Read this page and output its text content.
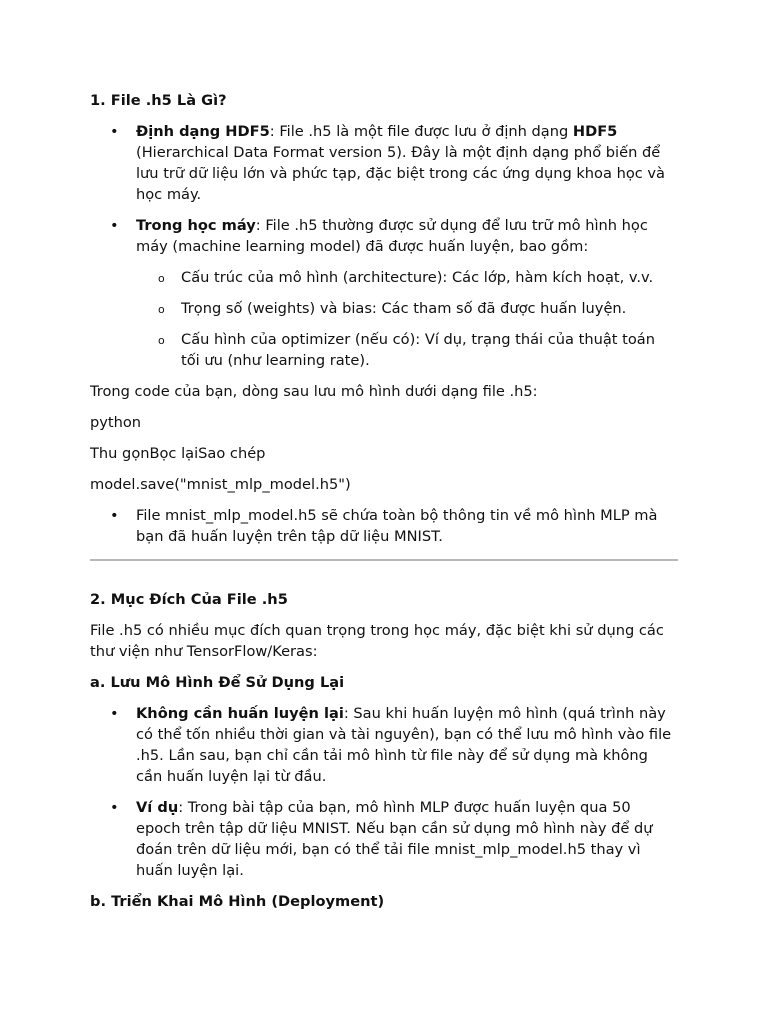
1. File .h5 Là Gì?
• Định dạng HDF5: File .h5 là một file được lưu ở định dạng HDF5 (Hierarchical Data Format version 5). Đây là một định dạng phổ biến để lưu trữ dữ liệu lớn và phức tạp, đặc biệt trong các ứng dụng khoa học và học máy.
• Trong học máy: File .h5 thường được sử dụng để lưu trữ mô hình học máy (machine learning model) đã được huấn luyện, bao gồm:
o Cấu trúc của mô hình (architecture): Các lớp, hàm kích hoạt, v.v.
o Trọng số (weights) và bias: Các tham số đã được huấn luyện.
o Cấu hình của optimizer (nếu có): Ví dụ, trạng thái của thuật toán tối ưu (như learning rate).

Trong code của bạn, dòng sau lưu mô hình dưới dạng file .h5:

python

Thu gọnBọc lạiSao chép

model.save("mnist_mlp_model.h5")

• File mnist_mlp_model.h5 sẽ chứa toàn bộ thông tin về mô hình MLP mà bạn đã huấn luyện trên tập dữ liệu MNIST.
2. Mục Đích Của File .h5

File .h5 có nhiều mục đích quan trọng trong học máy, đặc biệt khi sử dụng các thư viện như TensorFlow/Keras:

a. Lưu Mô Hình Để Sử Dụng Lại
• Không cần huấn luyện lại: Sau khi huấn luyện mô hình (quá trình này có thể tốn nhiều thời gian và tài nguyên), bạn có thể lưu mô hình vào file .h5. Lần sau, bạn chỉ cần tải mô hình từ file này để sử dụng mà không cần huấn luyện lại từ đầu.
• Ví dụ: Trong bài tập của bạn, mô hình MLP được huấn luyện qua 50 epoch trên tập dữ liệu MNIST. Nếu bạn cần sử dụng mô hình này để dự đoán trên dữ liệu mới, bạn có thể tải file mnist_mlp_model.h5 thay vì huấn luyện lại.
b. Triển Khai Mô Hình (Deployment)
